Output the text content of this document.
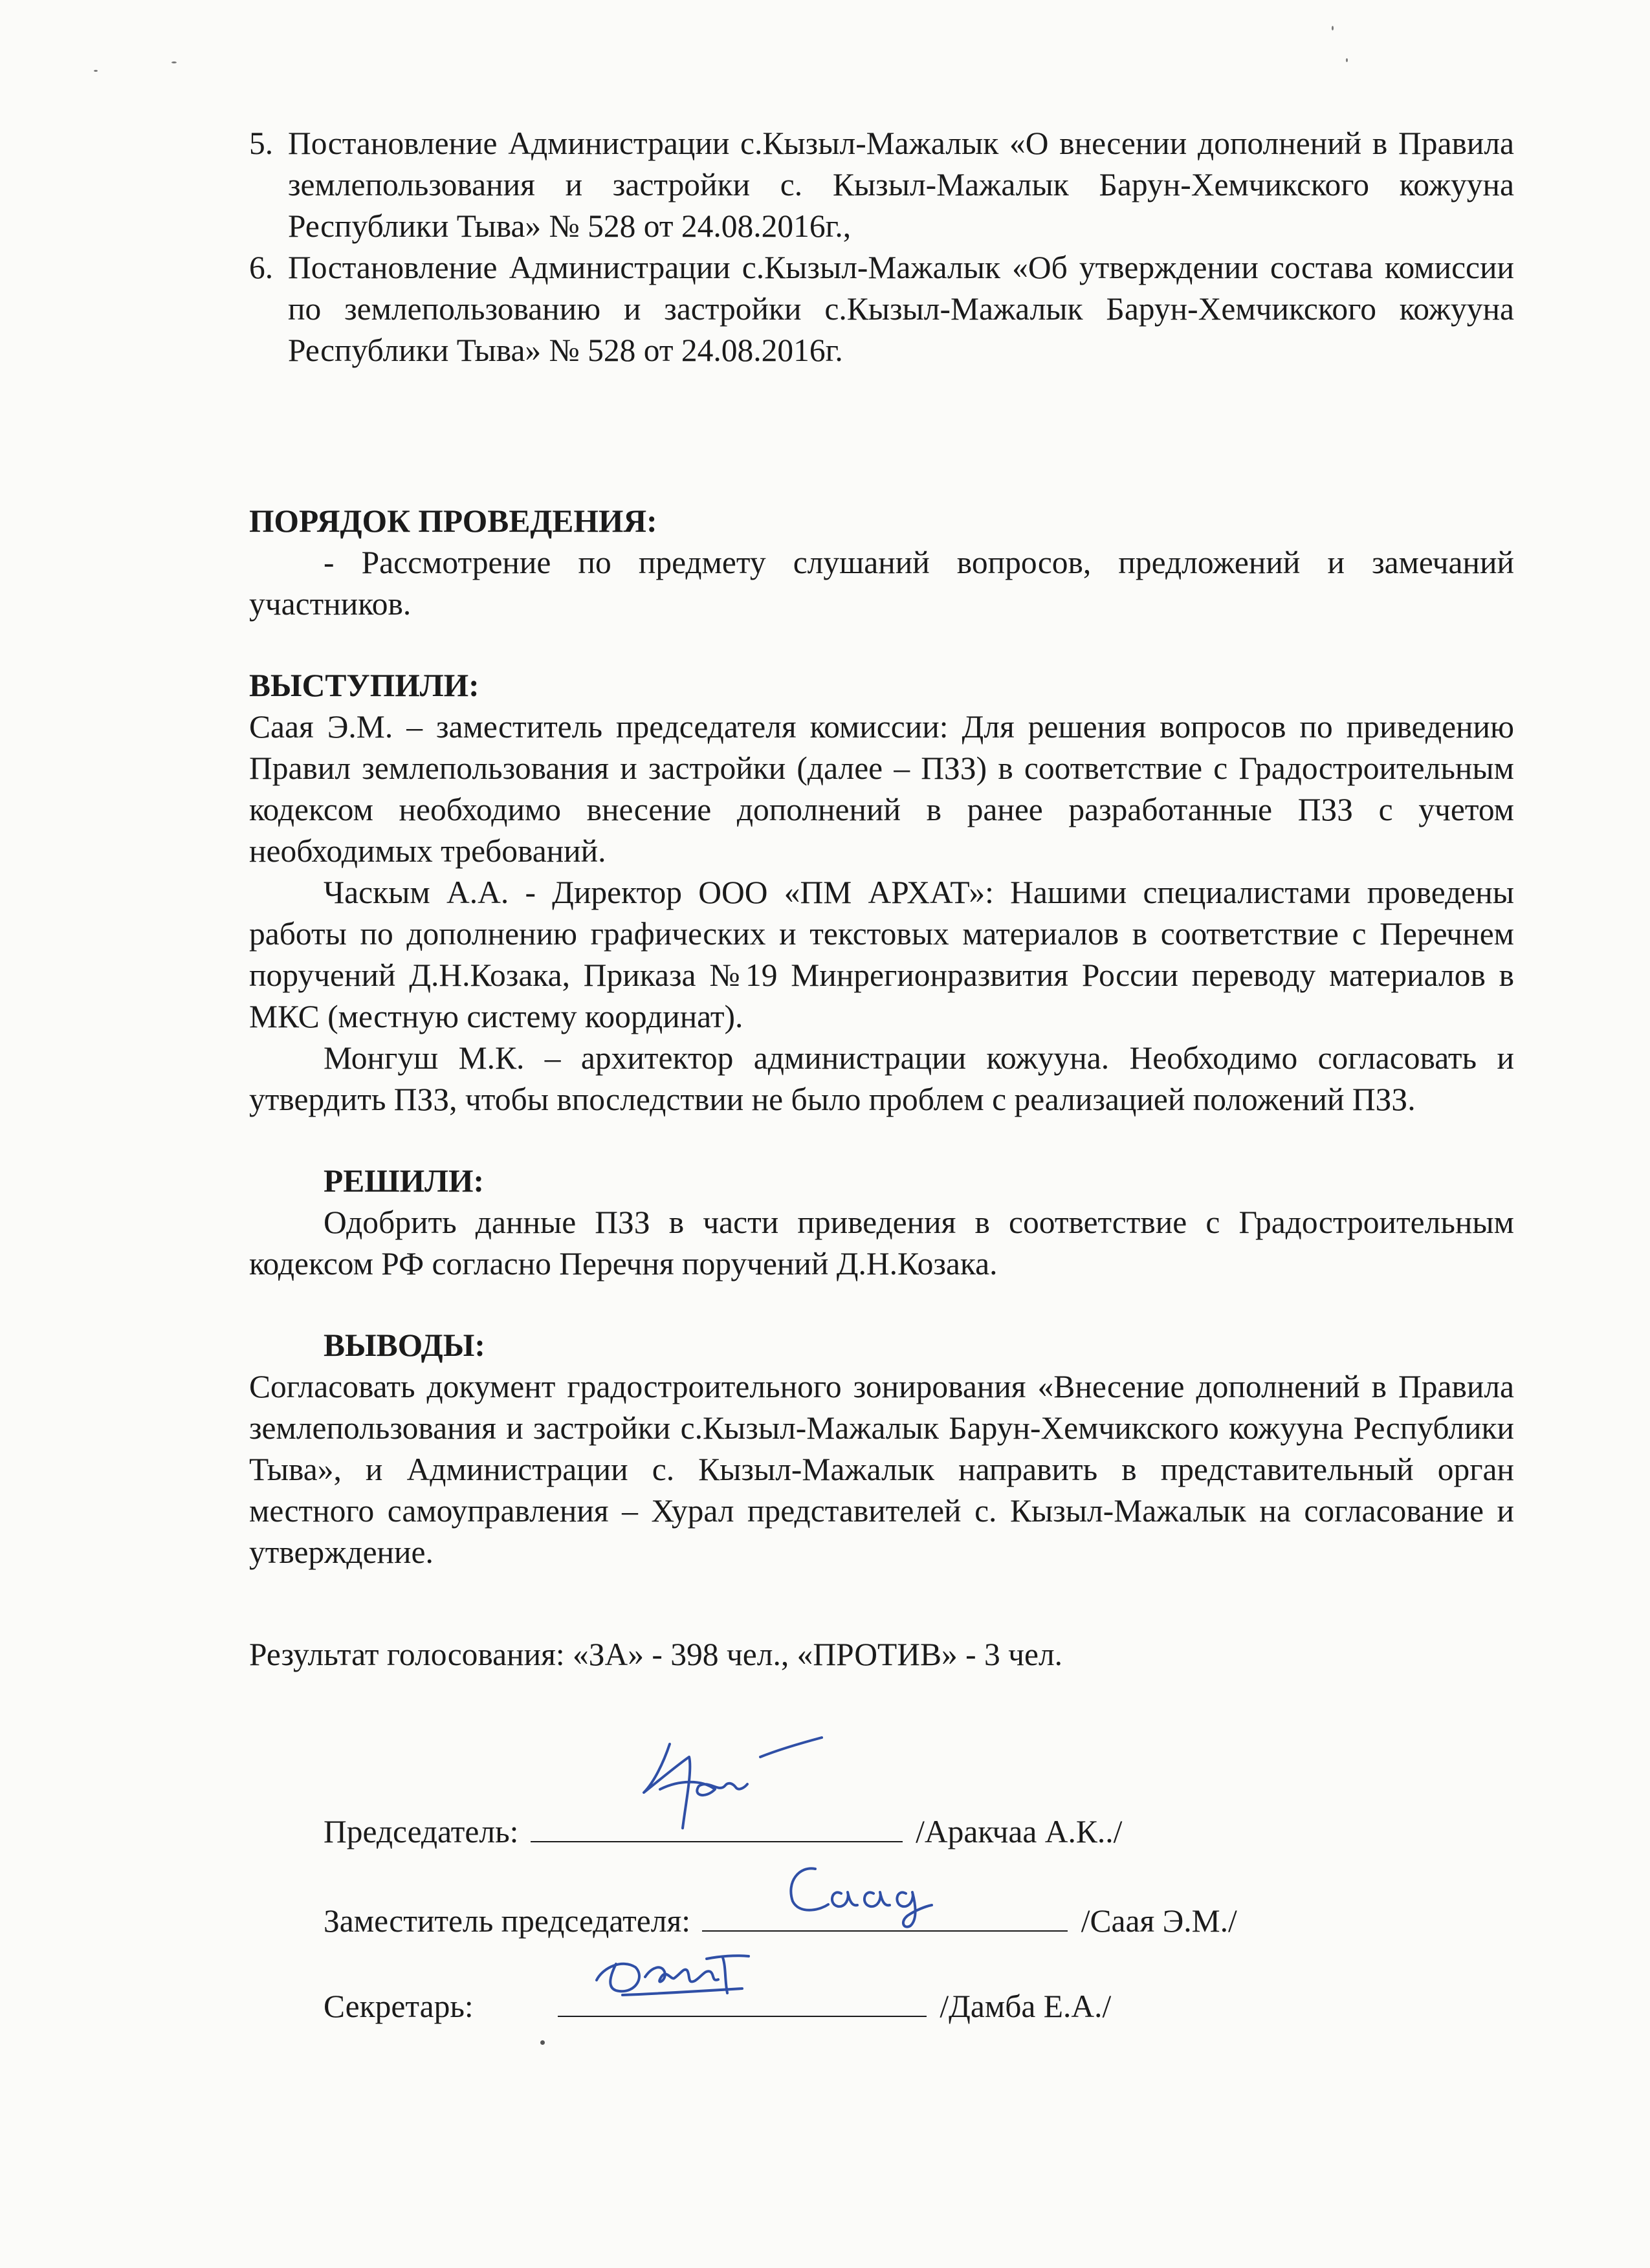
5. Постановление Администрации с.Кызыл-Мажалык «О внесении дополнений в Правила землепользования и застройки с. Кызыл-Мажалык Барун-Хемчикского кожууна Республики Тыва» № 528 от 24.08.2016г.,
6. Постановление Администрации с.Кызыл-Мажалык «Об утверждении состава комиссии по землепользованию и застройки с.Кызыл-Мажалык Барун-Хемчикского кожууна Республики Тыва» № 528 от 24.08.2016г.

ПОРЯДОК ПРОВЕДЕНИЯ:

- Рассмотрение по предмету слушаний вопросов, предложений и замечаний участников.

ВЫСТУПИЛИ:

Саая Э.М. – заместитель председателя комиссии: Для решения вопросов по приведению Правил землепользования и застройки (далее – ПЗЗ) в соответствие с Градостроительным кодексом необходимо внесение дополнений в ранее разработанные ПЗЗ с учетом необходимых требований.

Часкым А.А. - Директор ООО «ПМ АРХАТ»: Нашими специалистами проведены работы по дополнению графических и текстовых материалов в соответствие с Перечнем поручений Д.Н.Козака, Приказа №19 Минрегионразвития России переводу материалов в МКС (местную систему координат).

Монгуш М.К. – архитектор администрации кожууна. Необходимо согласовать и утвердить ПЗЗ, чтобы впоследствии не было проблем с реализацией положений ПЗЗ.

РЕШИЛИ:

Одобрить данные ПЗЗ в части приведения в соответствие с Градостроительным кодексом РФ согласно Перечня поручений Д.Н.Козака.

ВЫВОДЫ:

Согласовать документ градостроительного зонирования «Внесение дополнений в Правила землепользования и застройки с.Кызыл-Мажалык Барун-Хемчикского кожууна Республики Тыва», и Администрации с. Кызыл-Мажалык направить в представительный орган местного самоуправления – Хурал представителей с. Кызыл-Мажалык на согласование и утверждение.

Результат голосования: «ЗА» - 398 чел., «ПРОТИВ» - 3 чел.

Председатель:	/Аракчаа А.К../
Заместитель председателя:	/Саая Э.М./
Секретарь:	/Дамба Е.А./
